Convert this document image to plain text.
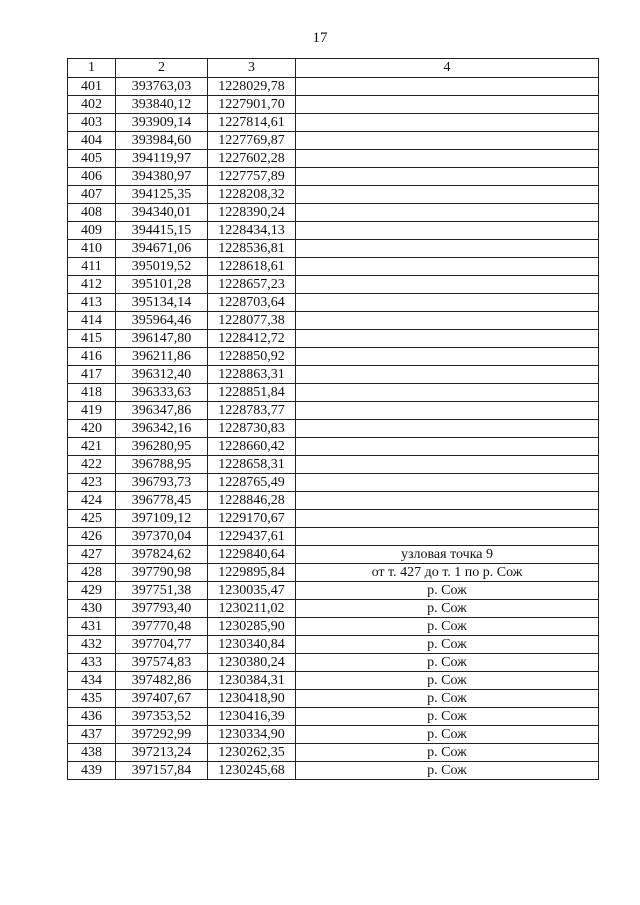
17
1	2	3	4
401	393763,03	1228029,78	
402	393840,12	1227901,70	
403	393909,14	1227814,61	
404	393984,60	1227769,87	
405	394119,97	1227602,28	
406	394380,97	1227757,89	
407	394125,35	1228208,32	
408	394340,01	1228390,24	
409	394415,15	1228434,13	
410	394671,06	1228536,81	
411	395019,52	1228618,61	
412	395101,28	1228657,23	
413	395134,14	1228703,64	
414	395964,46	1228077,38	
415	396147,80	1228412,72	
416	396211,86	1228850,92	
417	396312,40	1228863,31	
418	396333,63	1228851,84	
419	396347,86	1228783,77	
420	396342,16	1228730,83	
421	396280,95	1228660,42	
422	396788,95	1228658,31	
423	396793,73	1228765,49	
424	396778,45	1228846,28	
425	397109,12	1229170,67	
426	397370,04	1229437,61	
427	397824,62	1229840,64	узловая точка 9
428	397790,98	1229895,84	от т. 427 до т. 1 по р. Сож
429	397751,38	1230035,47	р. Сож
430	397793,40	1230211,02	р. Сож
431	397770,48	1230285,90	р. Сож
432	397704,77	1230340,84	р. Сож
433	397574,83	1230380,24	р. Сож
434	397482,86	1230384,31	р. Сож
435	397407,67	1230418,90	р. Сож
436	397353,52	1230416,39	р. Сож
437	397292,99	1230334,90	р. Сож
438	397213,24	1230262,35	р. Сож
439	397157,84	1230245,68	р. Сож
